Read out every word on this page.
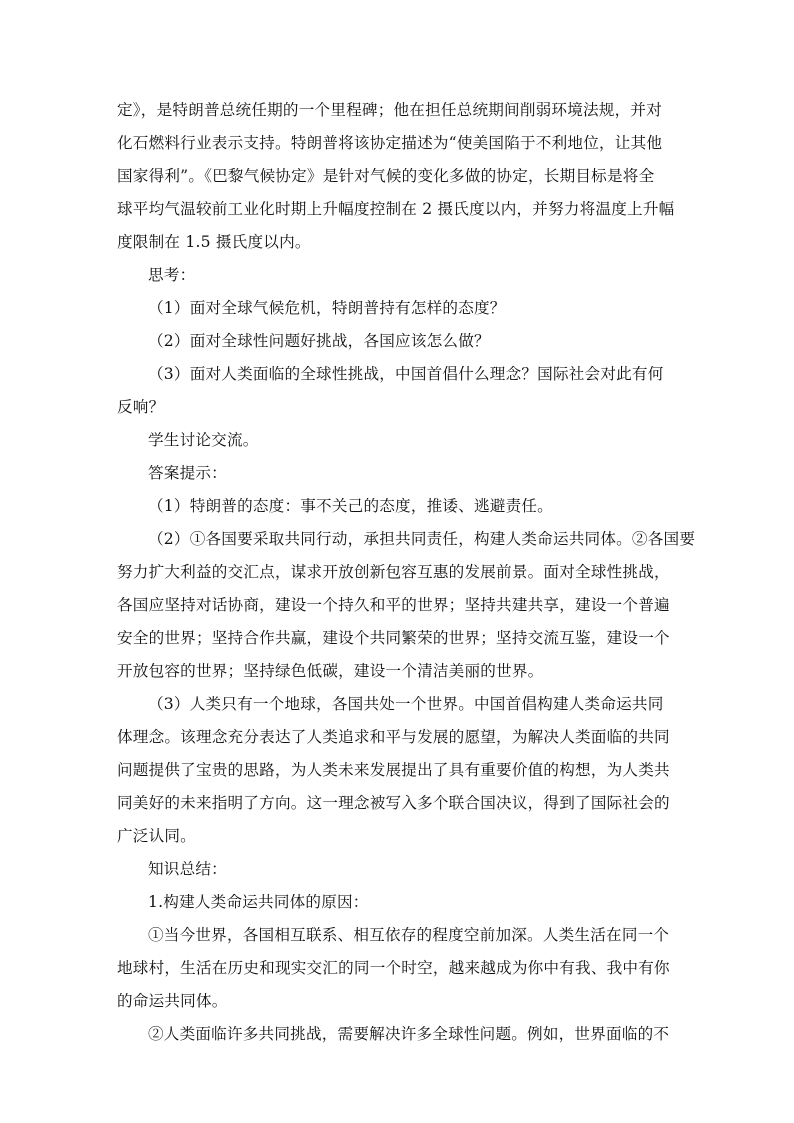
定》，是特朗普总统任期的一个里程碑；他在担任总统期间削弱环境法规，并对
化石燃料行业表示支持。特朗普将该协定描述为“使美国陷于不利地位，让其他
国家得利”。《巴黎气候协定》是针对气候的变化多做的协定，长期目标是将全
球平均气温较前工业化时期上升幅度控制在 2 摄氏度以内，并努力将温度上升幅
度限制在 1.5 摄氏度以内。
思考：
（1）面对全球气候危机，特朗普持有怎样的态度？
（2）面对全球性问题好挑战，各国应该怎么做？
（3）面对人类面临的全球性挑战，中国首倡什么理念？国际社会对此有何
反响？
学生讨论交流。
答案提示：
（1）特朗普的态度：事不关己的态度，推诿、逃避责任。
（2）①各国要采取共同行动，承担共同责任，构建人类命运共同体。②各国要
努力扩大利益的交汇点，谋求开放创新包容互惠的发展前景。面对全球性挑战，
各国应坚持对话协商，建设一个持久和平的世界；坚持共建共享，建设一个普遍
安全的世界；坚持合作共赢，建设个共同繁荣的世界；坚持交流互鉴，建设一个
开放包容的世界；坚持绿色低碳，建设一个清洁美丽的世界。
（3）人类只有一个地球，各国共处一个世界。中国首倡构建人类命运共同
体理念。该理念充分表达了人类追求和平与发展的愿望，为解决人类面临的共同
问题提供了宝贵的思路，为人类未来发展提出了具有重要价值的构想，为人类共
同美好的未来指明了方向。这一理念被写入多个联合国决议，得到了国际社会的
广泛认同。
知识总结：
1.构建人类命运共同体的原因：
①当今世界，各国相互联系、相互依存的程度空前加深。人类生活在同一个
地球村，生活在历史和现实交汇的同一个时空，越来越成为你中有我、我中有你
的命运共同体。
②人类面临许多共同挑战，需要解决许多全球性问题。例如，世界面临的不
